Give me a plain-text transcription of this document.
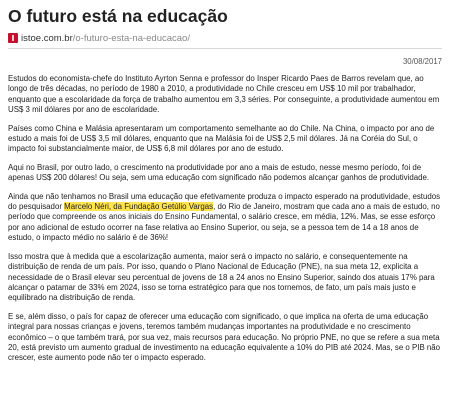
O futuro está na educação
I istoe.com.br /o-futuro-esta-na-educacao/
30/08/2017

Estudos do economista-chefe do Instituto Ayrton Senna e professor do Insper Ricardo Paes de Barros revelam que, ao longo de três décadas, no período de 1980 a 2010, a produtividade no Chile cresceu em US$ 10 mil por trabalhador, enquanto que a escolaridade da força de trabalho aumentou em 3,3 séries. Por conseguinte, a produtividade aumentou em US$ 3 mil dólares por ano de escolaridade.

Países como China e Malásia apresentaram um comportamento semelhante ao do Chile. Na China, o impacto por ano de estudo a mais foi de US$ 3,5 mil dólares, enquanto que na Malásia foi de US$ 2,5 mil dólares. Já na Coréia do Sul, o impacto foi substancialmente maior, de US$ 6,8 mil dólares por ano de estudo.

Aqui no Brasil, por outro lado, o crescimento na produtividade por ano a mais de estudo, nesse mesmo período, foi de apenas US$ 200 dólares! Ou seja, sem uma educação com significado não podemos alcançar ganhos de produtividade.

Ainda que não tenhamos no Brasil uma educação que efetivamente produza o impacto esperado na produtividade, estudos do pesquisador Marcelo Néri, da Fundação Getúlio Vargas, do Rio de Janeiro, mostram que cada ano a mais de estudo, no período que compreende os anos iniciais do Ensino Fundamental, o salário cresce, em média, 12%. Mas, se esse esforço por ano adicional de estudo ocorrer na fase relativa ao Ensino Superior, ou seja, se a pessoa tem de 14 a 18 anos de estudo, o impacto médio no salário é de 36%!

Isso mostra que à medida que a escolarização aumenta, maior será o impacto no salário, e consequentemente na distribuição de renda de um país. Por isso, quando o Plano Nacional de Educação (PNE), na sua meta 12, explicita a necessidade de o Brasil elevar seu percentual de jovens de 18 a 24 anos no Ensino Superior, saindo dos atuais 17% para alcançar o patamar de 33% em 2024, isso se torna estratégico para que nos tornemos, de fato, um país mais justo e equilibrado na distribuição de renda.

E se, além disso, o país for capaz de oferecer uma educação com significado, o que implica na oferta de uma educação integral para nossas crianças e jovens, teremos também mudanças importantes na produtividade e no crescimento econômico – o que também trará, por sua vez, mais recursos para educação. No próprio PNE, no que se refere a sua meta 20, está previsto um aumento gradual de investimento na educação equivalente a 10% do PIB até 2024. Mas, se o PIB não crescer, este aumento pode não ter o impacto esperado.
